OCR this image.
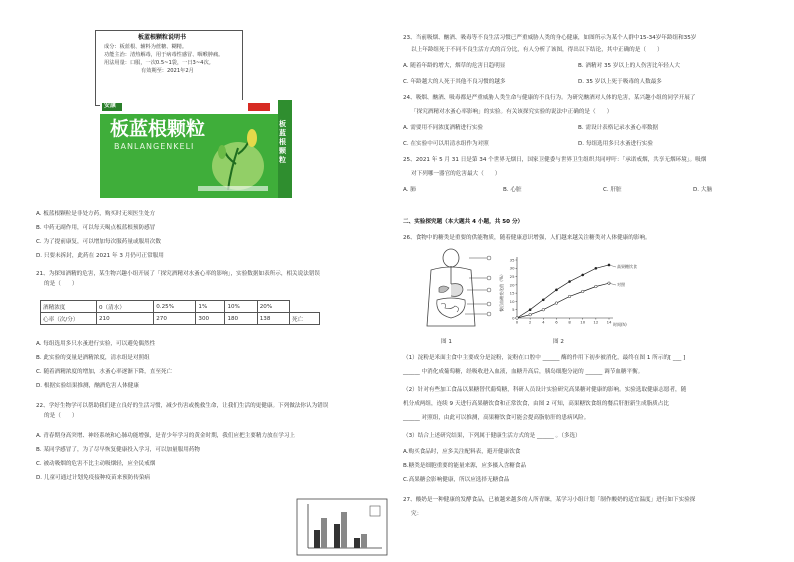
板蓝根颗粒说明书
成分：板蓝根、辅料为蔗糖、糊精。
功能主治：清热解毒，用于病毒性感冒、咽喉肿痛。
用法用量：口服，一次0.5~1袋，一日3~4次。
有效期至：2021年2月
安康
板蓝根颗粒
BANLANGENKELI
板蓝根颗粒
A. 板蓝根颗粒是非处方药，购买时无须医生处方
B. 中药无副作用，可以每天喝点板蓝根预防感冒
C. 为了提前康复，可以增加每次服药量或服用次数
D. 只要未拆封，此药在 2021 年 3 月仍可正常服用
21、为探知酒精的危害，某生物兴趣小组开展了「探究酒精对水蚤心率的影响」，实验数据如表所示，相关说法错误
的是（　　）
酒精浓度	0（清水）	0.25%	1%	10%	20%	
心率（次/分）	210	270	300	180	138	死亡
A. 每组选用多只水蚤进行实验，可以避免偶然性
B. 此实验的变量是酒精浓度，清水组是对照组
C. 随着酒精浓度的增加，水蚤心率逐渐下降，直至死亡
D. 根据实验结果推测，酗酒危害人体健康
22、学好生物学可以帮助我们建立良好的生活习惯，减少伤害或挽救生命，让我们生活的更健康。下列做法你认为错误
的是（　　）
A. 青春期身高突增、神经系统和心肺功能增强，是青少年学习的黄金时期，我们应把主要精力放在学习上
B. 某同学感冒了，为了尽早恢复健康投入学习，可以加量服用药物
C. 被动吸烟的危害不比主动吸烟轻，应全民戒烟
D. 儿童可通过计划免疫接种疫苗来预防传染病
23、当前吸烟、酗酒、吸毒等不良生活习惯已严重威胁人类的身心健康，如图所示为某个人群中15-34岁年龄组和35岁
以上年龄组死于不同不良生活方式的百分比，有人分析了该图，得出以下结论，其中正确的是（　　）
A. 随着年龄的增大，烟草的危害日趋明显	B. 酒精对 35 岁以上的人伤害比年轻人大
C. 年龄越大的人死于其他不良习惯的越多	D. 35 岁以上死于吸毒的人数最多
24、吸烟、酗酒、吸毒都是严重威胁人类生命与健康的不良行为。为研究酗酒对人体的危害，某兴趣小组的同学开展了
「探究酒精对水蚤心率影响」的实验。有关该探究实验的说法中正确的是（　　）
A. 需要用不同浓度酒精进行实验	B. 需设计表格记录水蚤心率数据
C. 在实验中可以用清水组作为对照	D. 每组选用多只水蚤进行实验
25、2021 年 5 月 31 日是第 34 个世界无烟日，国家卫健委与世界卫生组织共同呼吁：「承诺戒烟，共享无烟环境」。吸烟
对下列哪一器官的危害最大（　　）
A. 肺	B. 心脏	C. 肝脏	D. 大脑
二、实验探究题（本大题共 4 小题，共 50 分）
26、食物中的糖类是重要的供能物质，随着健康意识增强，人们越来越关注糖类对人体健康的影响。
0
5
10
15
20
25
30
35
0	2	4	6	8	10 12 14
餐后血糖变化值（%）
时间(h)
高果糖饮食
对照
图 1	图 2
（1）淀粉是米面主食中主要成分是淀粉，淀粉在口腔中 ______ 酶的作用下初步被消化，最终在图 1 所示的[ ___ ]
______ 中消化成葡萄糖，经吸收进入血液，血糖升高后，胰岛细胞分泌的 ______ 调节血糖平衡。
（2）针对有些加工食品以果糖替代葡萄糖，科研人员设计实验研究高果糖对健康的影响。实验选取健康志愿者，随
机分成两组，连续 9 天进行高果糖饮食和正常饮食，由图 2 可知，高果糖饮食组的餐后肝脏新生成脂质占比
______ 对照组，由此可以推测，高果糖饮食可能会提高脂肪肝的患病风险。
（3）结合上述研究结果，下列属于健康生活方式的是 ______ 。（多选）
A.购买食品时，应多关注配料表，避开健康饮食
B.糖类是细胞重要的能量来源，应多摄入含糖食品
C.高果糖会影响健康，所以应选择无糖食品
27、酸奶是一种健康的发酵食品，已被越来越多的人所青睐，某学习小组计划「制作酸奶的适宜温度」进行如下实验探
究：
